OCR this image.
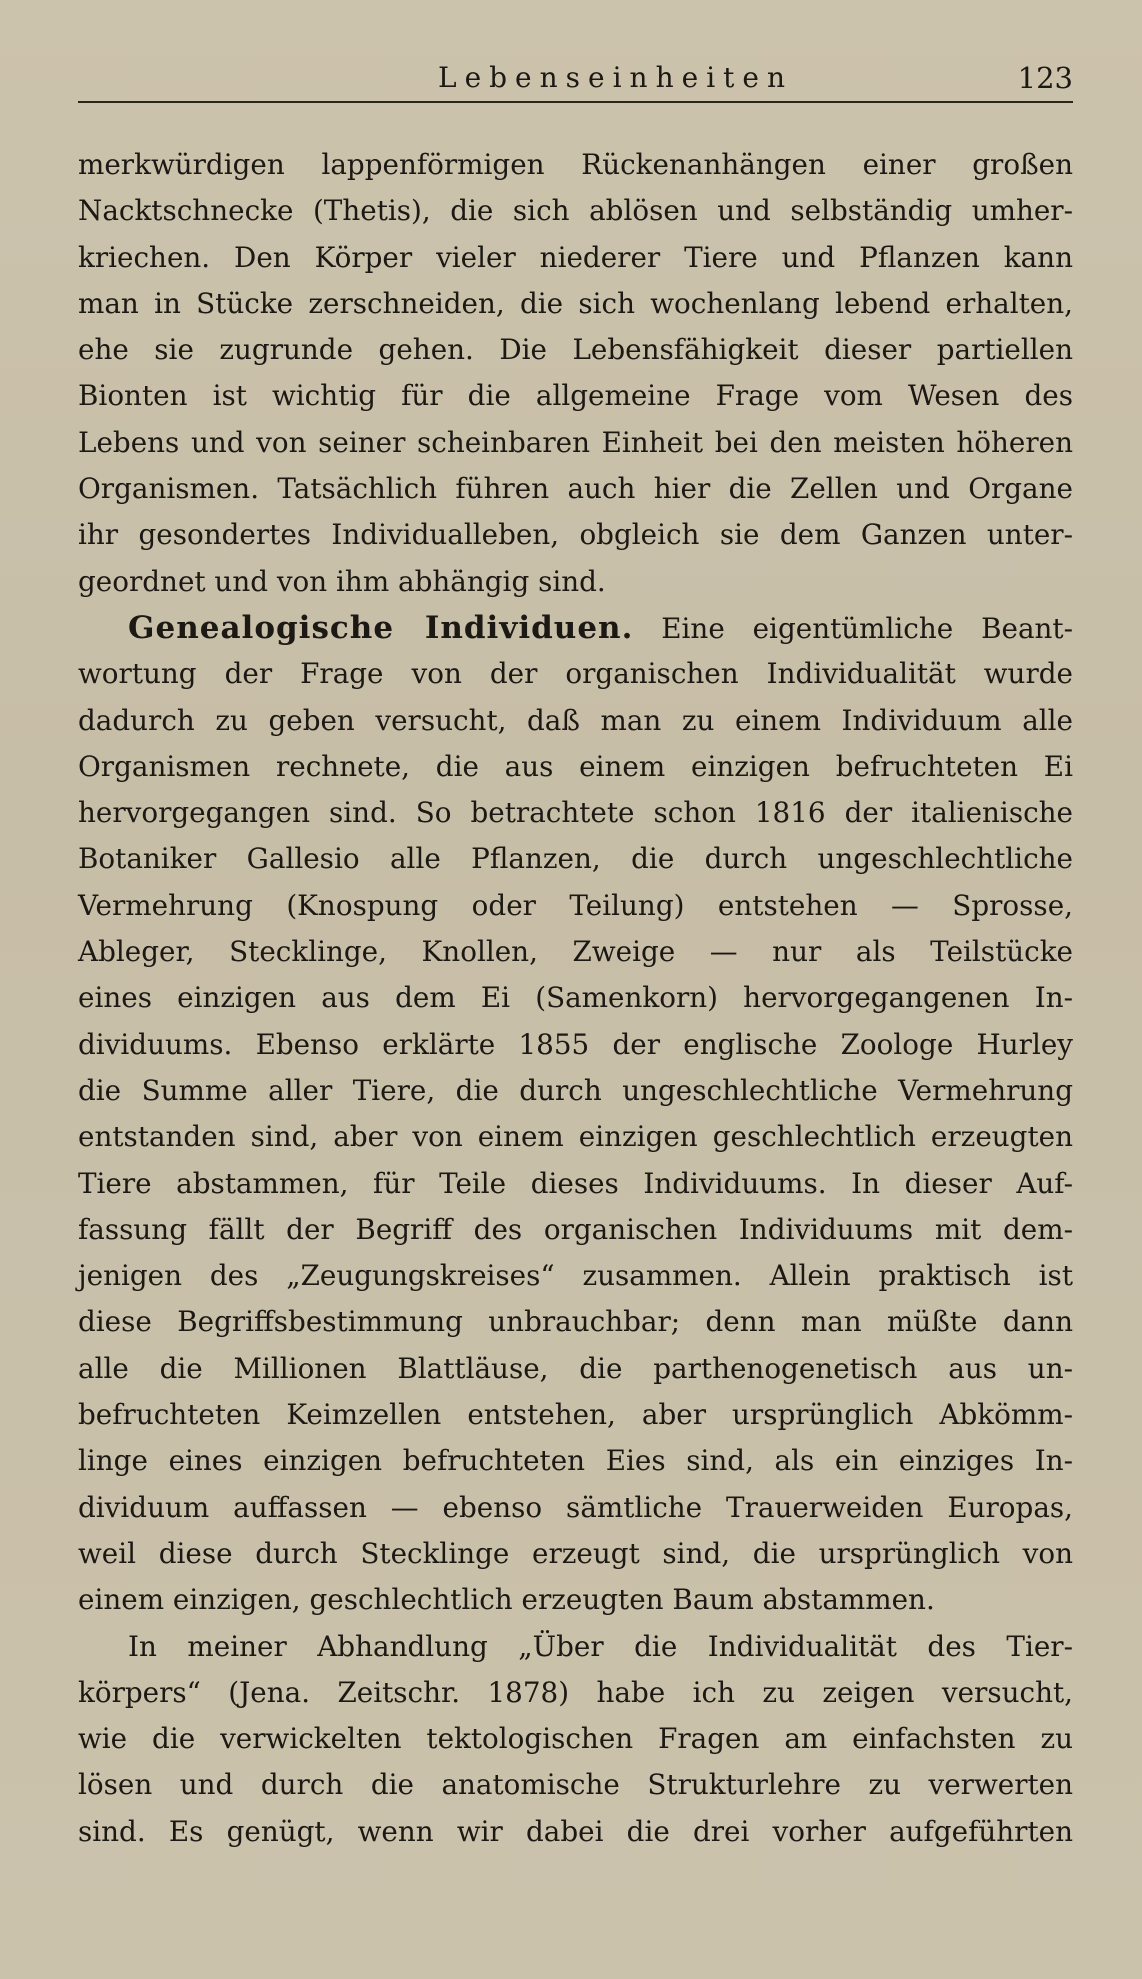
Lebenseinheiten	123
merkwürdigen lappenförmigen Rückenanhängen einer großen
Nacktschnecke (Thetis), die sich ablösen und selbständig umher-
kriechen. Den Körper vieler niederer Tiere und Pflanzen kann
man in Stücke zerschneiden, die sich wochenlang lebend erhalten,
ehe sie zugrunde gehen. Die Lebensfähigkeit dieser partiellen
Bionten ist wichtig für die allgemeine Frage vom Wesen des
Lebens und von seiner scheinbaren Einheit bei den meisten höheren
Organismen. Tatsächlich führen auch hier die Zellen und Organe
ihr gesondertes Individualleben, obgleich sie dem Ganzen unter-
geordnet und von ihm abhängig sind.
Genealogische Individuen. Eine eigentümliche Beant-
wortung der Frage von der organischen Individualität wurde
dadurch zu geben versucht, daß man zu einem Individuum alle
Organismen rechnete, die aus einem einzigen befruchteten Ei
hervorgegangen sind. So betrachtete schon 1816 der italienische
Botaniker Gallesio alle Pflanzen, die durch ungeschlechtliche
Vermehrung (Knospung oder Teilung) entstehen — Sprosse,
Ableger, Stecklinge, Knollen, Zweige — nur als Teilstücke
eines einzigen aus dem Ei (Samenkorn) hervorgegangenen In-
dividuums. Ebenso erklärte 1855 der englische Zoologe Hurley
die Summe aller Tiere, die durch ungeschlechtliche Vermehrung
entstanden sind, aber von einem einzigen geschlechtlich erzeugten
Tiere abstammen, für Teile dieses Individuums. In dieser Auf-
fassung fällt der Begriff des organischen Individuums mit dem-
jenigen des „Zeugungskreises“ zusammen. Allein praktisch ist
diese Begriffsbestimmung unbrauchbar; denn man müßte dann
alle die Millionen Blattläuse, die parthenogenetisch aus un-
befruchteten Keimzellen entstehen, aber ursprünglich Abkömm-
linge eines einzigen befruchteten Eies sind, als ein einziges In-
dividuum auffassen — ebenso sämtliche Trauerweiden Europas,
weil diese durch Stecklinge erzeugt sind, die ursprünglich von
einem einzigen, geschlechtlich erzeugten Baum abstammen.
In meiner Abhandlung „Über die Individualität des Tier-
körpers“ (Jena. Zeitschr. 1878) habe ich zu zeigen versucht,
wie die verwickelten tektologischen Fragen am einfachsten zu
lösen und durch die anatomische Strukturlehre zu verwerten
sind. Es genügt, wenn wir dabei die drei vorher aufgeführten
